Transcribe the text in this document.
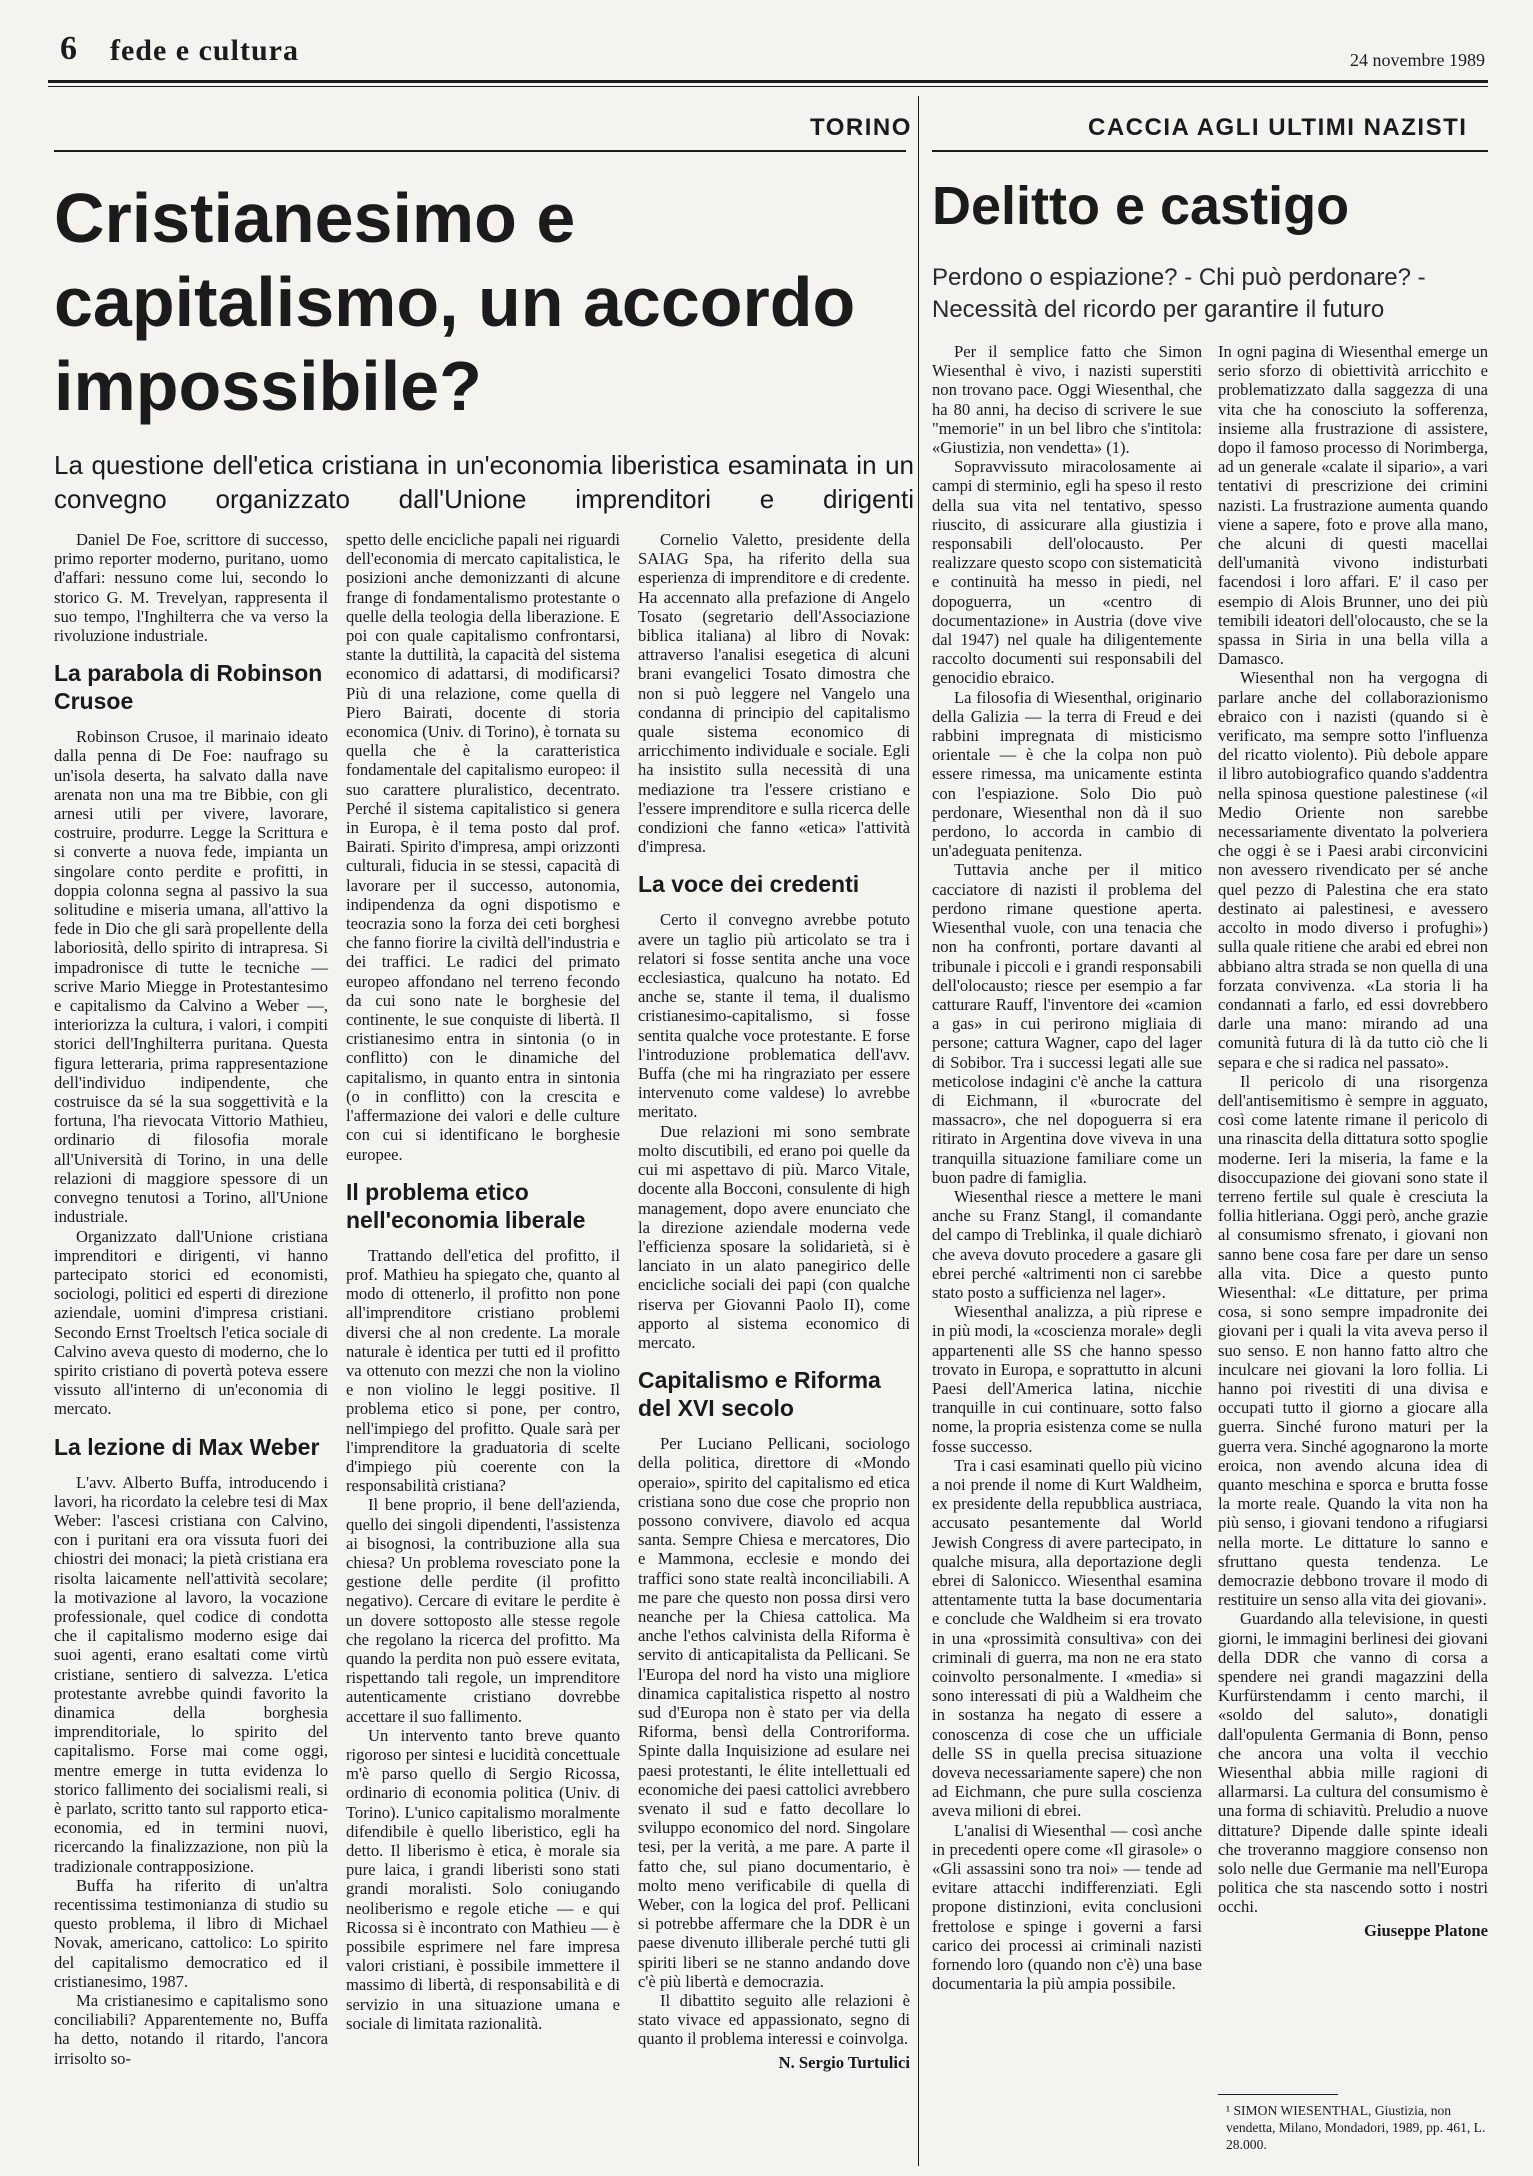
6 fede e cultura	24 novembre 1989
TORINO	CACCIA AGLI ULTIMI NAZISTI
Cristianesimo e capitalismo, un accordo impossibile?
La questione dell'etica cristiana in un'economia liberistica esaminata in un convegno organizzato dall'Unione imprenditori e dirigenti
Delitto e castigo
Perdono o espiazione? - Chi può perdonare? - Necessità del ricordo per garantire il futuro

Daniel De Foe, scrittore di successo, primo reporter moderno, puritano, uomo d'affari: nessuno come lui, secondo lo storico G. M. Trevelyan, rappresenta il suo tempo, l'Inghilterra che va verso la rivoluzione industriale.

La parabola di Robinson Crusoe

Robinson Crusoe, il marinaio ideato dalla penna di De Foe: naufrago su un'isola deserta, ha salvato dalla nave arenata non una ma tre Bibbie, con gli arnesi utili per vivere, lavorare, costruire, produrre. Legge la Scrittura e si converte a nuova fede, impianta un singolare conto perdite e profitti, in doppia colonna segna al passivo la sua solitudine e miseria umana, all'attivo la fede in Dio che gli sarà propellente della laboriosità, dello spirito di intrapresa. Si impadronisce di tutte le tecniche — scrive Mario Miegge in Protestantesimo e capitalismo da Calvino a Weber —, interiorizza la cultura, i valori, i compiti storici dell'Inghilterra puritana. Questa figura letteraria, prima rappresentazione dell'individuo indipendente, che costruisce da sé la sua soggettività e la fortuna, l'ha rievocata Vittorio Mathieu, ordinario di filosofia morale all'Università di Torino, in una delle relazioni di maggiore spessore di un convegno tenutosi a Torino, all'Unione industriale.

Organizzato dall'Unione cristiana imprenditori e dirigenti, vi hanno partecipato storici ed economisti, sociologi, politici ed esperti di direzione aziendale, uomini d'impresa cristiani. Secondo Ernst Troeltsch l'etica sociale di Calvino aveva questo di moderno, che lo spirito cristiano di povertà poteva essere vissuto all'interno di un'economia di mercato.

La lezione di Max Weber

L'avv. Alberto Buffa, introducendo i lavori, ha ricordato la celebre tesi di Max Weber: l'ascesi cristiana con Calvino, con i puritani era ora vissuta fuori dei chiostri dei monaci; la pietà cristiana era risolta laicamente nell'attività secolare; la motivazione al lavoro, la vocazione professionale, quel codice di condotta che il capitalismo moderno esige dai suoi agenti, erano esaltati come virtù cristiane, sentiero di salvezza. L'etica protestante avrebbe quindi favorito la dinamica della borghesia imprenditoriale, lo spirito del capitalismo. Forse mai come oggi, mentre emerge in tutta evidenza lo storico fallimento dei socialismi reali, si è parlato, scritto tanto sul rapporto etica-economia, ed in termini nuovi, ricercando la finalizzazione, non più la tradizionale contrapposizione.

Buffa ha riferito di un'altra recentissima testimonianza di studio su questo problema, il libro di Michael Novak, americano, cattolico: Lo spirito del capitalismo democratico ed il cristianesimo, 1987.

Ma cristianesimo e capitalismo sono conciliabili? Apparentemente no, Buffa ha detto, notando il ritardo, l'ancora irrisolto so-

spetto delle encicliche papali nei riguardi dell'economia di mercato capitalistica, le posizioni anche demonizzanti di alcune frange di fondamentalismo protestante o quelle della teologia della liberazione. E poi con quale capitalismo confrontarsi, stante la duttilità, la capacità del sistema economico di adattarsi, di modificarsi? Più di una relazione, come quella di Piero Bairati, docente di storia economica (Univ. di Torino), è tornata su quella che è la caratteristica fondamentale del capitalismo europeo: il suo carattere pluralistico, decentrato. Perché il sistema capitalistico si genera in Europa, è il tema posto dal prof. Bairati. Spirito d'impresa, ampi orizzonti culturali, fiducia in se stessi, capacità di lavorare per il successo, autonomia, indipendenza da ogni dispotismo e teocrazia sono la forza dei ceti borghesi che fanno fiorire la civiltà dell'industria e dei traffici. Le radici del primato europeo affondano nel terreno fecondo da cui sono nate le borghesie del continente, le sue conquiste di libertà. Il cristianesimo entra in sintonia (o in conflitto) con le dinamiche del capitalismo, in quanto entra in sintonia (o in conflitto) con la crescita e l'affermazione dei valori e delle culture con cui si identificano le borghesie europee.

Il problema etico nell'economia liberale

Trattando dell'etica del profitto, il prof. Mathieu ha spiegato che, quanto al modo di ottenerlo, il profitto non pone all'imprenditore cristiano problemi diversi che al non credente. La morale naturale è identica per tutti ed il profitto va ottenuto con mezzi che non la violino e non violino le leggi positive. Il problema etico si pone, per contro, nell'impiego del profitto. Quale sarà per l'imprenditore la graduatoria di scelte d'impiego più coerente con la responsabilità cristiana?

Il bene proprio, il bene dell'azienda, quello dei singoli dipendenti, l'assistenza ai bisognosi, la contribuzione alla sua chiesa? Un problema rovesciato pone la gestione delle perdite (il profitto negativo). Cercare di evitare le perdite è un dovere sottoposto alle stesse regole che regolano la ricerca del profitto. Ma quando la perdita non può essere evitata, rispettando tali regole, un imprenditore autenticamente cristiano dovrebbe accettare il suo fallimento.

Un intervento tanto breve quanto rigoroso per sintesi e lucidità concettuale m'è parso quello di Sergio Ricossa, ordinario di economia politica (Univ. di Torino). L'unico capitalismo moralmente difendibile è quello liberistico, egli ha detto. Il liberismo è etica, è morale sia pure laica, i grandi liberisti sono stati grandi moralisti. Solo coniugando neoliberismo e regole etiche — e qui Ricossa si è incontrato con Mathieu — è possibile esprimere nel fare impresa valori cristiani, è possibile immettere il massimo di libertà, di responsabilità e di servizio in una situazione umana e sociale di limitata razionalità.

Cornelio Valetto, presidente della SAIAG Spa, ha riferito della sua esperienza di imprenditore e di credente. Ha accennato alla prefazione di Angelo Tosato (segretario dell'Associazione biblica italiana) al libro di Novak: attraverso l'analisi esegetica di alcuni brani evangelici Tosato dimostra che non si può leggere nel Vangelo una condanna di principio del capitalismo quale sistema economico di arricchimento individuale e sociale. Egli ha insistito sulla necessità di una mediazione tra l'essere cristiano e l'essere imprenditore e sulla ricerca delle condizioni che fanno «etica» l'attività d'impresa.

La voce dei credenti

Certo il convegno avrebbe potuto avere un taglio più articolato se tra i relatori si fosse sentita anche una voce ecclesiastica, qualcuno ha notato. Ed anche se, stante il tema, il dualismo cristianesimo-capitalismo, si fosse sentita qualche voce protestante. E forse l'introduzione problematica dell'avv. Buffa (che mi ha ringraziato per essere intervenuto come valdese) lo avrebbe meritato.

Due relazioni mi sono sembrate molto discutibili, ed erano poi quelle da cui mi aspettavo di più. Marco Vitale, docente alla Bocconi, consulente di high management, dopo avere enunciato che la direzione aziendale moderna vede l'efficienza sposare la solidarietà, si è lanciato in un alato panegirico delle encicliche sociali dei papi (con qualche riserva per Giovanni Paolo II), come apporto al sistema economico di mercato.

Capitalismo e Riforma del XVI secolo

Per Luciano Pellicani, sociologo della politica, direttore di «Mondo operaio», spirito del capitalismo ed etica cristiana sono due cose che proprio non possono convivere, diavolo ed acqua santa. Sempre Chiesa e mercatores, Dio e Mammona, ecclesie e mondo dei traffici sono state realtà inconciliabili. A me pare che questo non possa dirsi vero neanche per la Chiesa cattolica. Ma anche l'ethos calvinista della Riforma è servito di anticapitalista da Pellicani. Se l'Europa del nord ha visto una migliore dinamica capitalistica rispetto al nostro sud d'Europa non è stato per via della Riforma, bensì della Controriforma. Spinte dalla Inquisizione ad esulare nei paesi protestanti, le élite intellettuali ed economiche dei paesi cattolici avrebbero svenato il sud e fatto decollare lo sviluppo economico del nord. Singolare tesi, per la verità, a me pare. A parte il fatto che, sul piano documentario, è molto meno verificabile di quella di Weber, con la logica del prof. Pellicani si potrebbe affermare che la DDR è un paese divenuto illiberale perché tutti gli spiriti liberi se ne stanno andando dove c'è più libertà e democrazia.

Il dibattito seguito alle relazioni è stato vivace ed appassionato, segno di quanto il problema interessi e coinvolga.

N. Sergio Turtulici

Per il semplice fatto che Simon Wiesenthal è vivo, i nazisti superstiti non trovano pace. Oggi Wiesenthal, che ha 80 anni, ha deciso di scrivere le sue "memorie" in un bel libro che s'intitola: «Giustizia, non vendetta» (1).

Sopravvissuto miracolosamente ai campi di sterminio, egli ha speso il resto della sua vita nel tentativo, spesso riuscito, di assicurare alla giustizia i responsabili dell'olocausto. Per realizzare questo scopo con sistematicità e continuità ha messo in piedi, nel dopoguerra, un «centro di documentazione» in Austria (dove vive dal 1947) nel quale ha diligentemente raccolto documenti sui responsabili del genocidio ebraico.

La filosofia di Wiesenthal, originario della Galizia — la terra di Freud e dei rabbini impregnata di misticismo orientale — è che la colpa non può essere rimessa, ma unicamente estinta con l'espiazione. Solo Dio può perdonare, Wiesenthal non dà il suo perdono, lo accorda in cambio di un'adeguata penitenza.

Tuttavia anche per il mitico cacciatore di nazisti il problema del perdono rimane questione aperta. Wiesenthal vuole, con una tenacia che non ha confronti, portare davanti al tribunale i piccoli e i grandi responsabili dell'olocausto; riesce per esempio a far catturare Rauff, l'inventore dei «camion a gas» in cui perirono migliaia di persone; cattura Wagner, capo del lager di Sobibor. Tra i successi legati alle sue meticolose indagini c'è anche la cattura di Eichmann, il «burocrate del massacro», che nel dopoguerra si era ritirato in Argentina dove viveva in una tranquilla situazione familiare come un buon padre di famiglia.

Wiesenthal riesce a mettere le mani anche su Franz Stangl, il comandante del campo di Treblinka, il quale dichiarò che aveva dovuto procedere a gasare gli ebrei perché «altrimenti non ci sarebbe stato posto a sufficienza nel lager».

Wiesenthal analizza, a più riprese e in più modi, la «coscienza morale» degli appartenenti alle SS che hanno spesso trovato in Europa, e soprattutto in alcuni Paesi dell'America latina, nicchie tranquille in cui continuare, sotto falso nome, la propria esistenza come se nulla fosse successo.

Tra i casi esaminati quello più vicino a noi prende il nome di Kurt Waldheim, ex presidente della repubblica austriaca, accusato pesantemente dal World Jewish Congress di avere partecipato, in qualche misura, alla deportazione degli ebrei di Salonicco. Wiesenthal esamina attentamente tutta la base documentaria e conclude che Waldheim si era trovato in una «prossimità consultiva» con dei criminali di guerra, ma non ne era stato coinvolto personalmente. I «media» si sono interessati di più a Waldheim che in sostanza ha negato di essere a conoscenza di cose che un ufficiale delle SS in quella precisa situazione doveva necessariamente sapere) che non ad Eichmann, che pure sulla coscienza aveva milioni di ebrei.

L'analisi di Wiesenthal — così anche in precedenti opere come «Il girasole» o «Gli assassini sono tra noi» — tende ad evitare attacchi indifferenziati. Egli propone distinzioni, evita conclusioni frettolose e spinge i governi a farsi carico dei processi ai criminali nazisti fornendo loro (quando non c'è) una base documentaria la più ampia possibile.

In ogni pagina di Wiesenthal emerge un serio sforzo di obiettività arricchito e problematizzato dalla saggezza di una vita che ha conosciuto la sofferenza, insieme alla frustrazione di assistere, dopo il famoso processo di Norimberga, ad un generale «calate il sipario», a vari tentativi di prescrizione dei crimini nazisti. La frustrazione aumenta quando viene a sapere, foto e prove alla mano, che alcuni di questi macellai dell'umanità vivono indisturbati facendosi i loro affari. E' il caso per esempio di Alois Brunner, uno dei più temibili ideatori dell'olocausto, che se la spassa in Siria in una bella villa a Damasco.

Wiesenthal non ha vergogna di parlare anche del collaborazionismo ebraico con i nazisti (quando si è verificato, ma sempre sotto l'influenza del ricatto violento). Più debole appare il libro autobiografico quando s'addentra nella spinosa questione palestinese («il Medio Oriente non sarebbe necessariamente diventato la polveriera che oggi è se i Paesi arabi circonvicini non avessero rivendicato per sé anche quel pezzo di Palestina che era stato destinato ai palestinesi, e avessero accolto in modo diverso i profughi») sulla quale ritiene che arabi ed ebrei non abbiano altra strada se non quella di una forzata convivenza. «La storia li ha condannati a farlo, ed essi dovrebbero darle una mano: mirando ad una comunità futura di là da tutto ciò che li separa e che si radica nel passato».

Il pericolo di una risorgenza dell'antisemitismo è sempre in agguato, così come latente rimane il pericolo di una rinascita della dittatura sotto spoglie moderne. Ieri la miseria, la fame e la disoccupazione dei giovani sono state il terreno fertile sul quale è cresciuta la follia hitleriana. Oggi però, anche grazie al consumismo sfrenato, i giovani non sanno bene cosa fare per dare un senso alla vita. Dice a questo punto Wiesenthal: «Le dittature, per prima cosa, si sono sempre impadronite dei giovani per i quali la vita aveva perso il suo senso. E non hanno fatto altro che inculcare nei giovani la loro follia. Li hanno poi rivestiti di una divisa e occupati tutto il giorno a giocare alla guerra. Sinché furono maturi per la guerra vera. Sinché agognarono la morte eroica, non avendo alcuna idea di quanto meschina e sporca e brutta fosse la morte reale. Quando la vita non ha più senso, i giovani tendono a rifugiarsi nella morte. Le dittature lo sanno e sfruttano questa tendenza. Le democrazie debbono trovare il modo di restituire un senso alla vita dei giovani».

Guardando alla televisione, in questi giorni, le immagini berlinesi dei giovani della DDR che vanno di corsa a spendere nei grandi magazzini della Kurfürstendamm i cento marchi, il «soldo del saluto», donatigli dall'opulenta Germania di Bonn, penso che ancora una volta il vecchio Wiesenthal abbia mille ragioni di allarmarsi. La cultura del consumismo è una forma di schiavitù. Preludio a nuove dittature? Dipende dalle spinte ideali che troveranno maggiore consenso non solo nelle due Germanie ma nell'Europa politica che sta nascendo sotto i nostri occhi.

Giuseppe Platone

¹ SIMON WIESENTHAL, Giustizia, non vendetta, Milano, Mondadori, 1989, pp. 461, L. 28.000.
